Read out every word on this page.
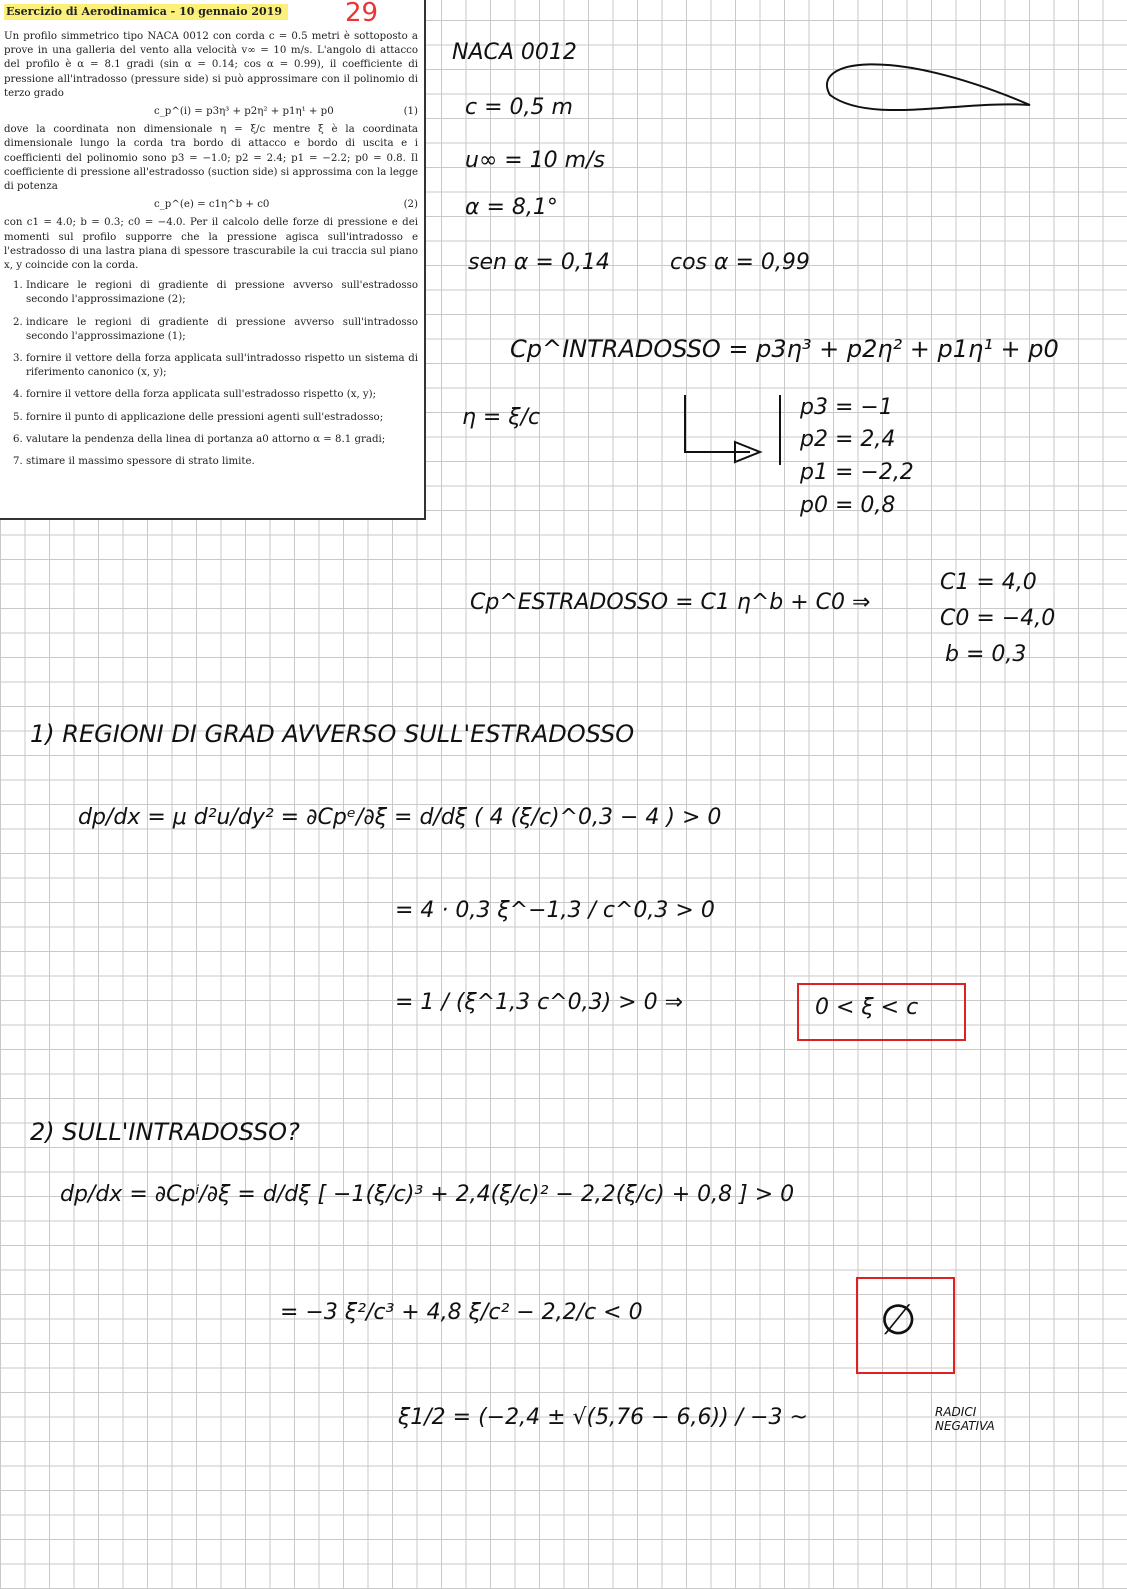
Esercizio di Aerodinamica - 10 gennaio 2019 29
Un profilo simmetrico tipo NACA 0012 con corda c = 0.5 metri è sottoposto a prove in una galleria del vento alla velocità v∞ = 10 m/s. L'angolo di attacco del profilo è α = 8.1 gradi (sin α = 0.14; cos α = 0.99), il coefficiente di pressione all'intradosso (pressure side) si può approssimare con il polinomio di terzo grado
c_p^(i) = p3η³ + p2η² + p1η¹ + p0	(1)
dove la coordinata non dimensionale η = ξ/c mentre ξ è la coordinata dimensionale lungo la corda tra bordo di attacco e bordo di uscita e i coefficienti del polinomio sono p3 = −1.0; p2 = 2.4; p1 = −2.2; p0 = 0.8. Il coefficiente di pressione all'estradosso (suction side) si approssima con la legge di potenza
c_p^(e) = c1η^b + c0	(2)
con c1 = 4.0; b = 0.3; c0 = −4.0. Per il calcolo delle forze di pressione e dei momenti sul profilo supporre che la pressione agisca sull'intradosso e l'estradosso di una lastra piana di spessore trascurabile la cui traccia sul piano x, y coincide con la corda.
1. Indicare le regioni di gradiente di pressione avverso sull'estradosso secondo l'approssimazione (2);
2. indicare le regioni di gradiente di pressione avverso sull'intradosso secondo l'approssimazione (1);
3. fornire il vettore della forza applicata sull'intradosso rispetto un sistema di riferimento canonico (x, y);
4. fornire il vettore della forza applicata sull'estradosso rispetto (x, y);
5. fornire il punto di applicazione delle pressioni agenti sull'estradosso;
6. valutare la pendenza della linea di portanza a0 attorno α = 8.1 gradi;
7. stimare il massimo spessore di strato limite.
NACA 0012
c = 0,5 m
u∞ = 10 m/s
α = 8,1°
sen α = 0,14	cos α = 0,99
Cp^INTRADOSSO = p3η³ + p2η² + p1η¹ + p0
η = ξ/c	p3 = −1
p2 = 2,4
p1 = −2,2
p0 = 0,8
Cp^ESTRADOSSO = C1 η^b + C0 ⇒
C1 = 4,0
C0 = −4,0
b = 0,3
1) REGIONI DI GRAD AVVERSO SULL'ESTRADOSSO
dp/dx = μ d²u/dy² = ∂Cpᵉ/∂ξ = d/dξ ( 4 (ξ/c)^0,3 − 4 ) > 0
= 4 · 0,3 ξ^−1,3 / c^0,3 > 0
= 1 / (ξ^1,3 c^0,3) > 0 ⇒	0 < ξ < c
2) SULL'INTRADOSSO?
dp/dx = ∂Cpⁱ/∂ξ = d/dξ [ −1(ξ/c)³ + 2,4(ξ/c)² − 2,2(ξ/c) + 0,8 ] > 0
= −3 ξ²/c³ + 4,8 ξ/c² − 2,2/c < 0	∅
ξ1/2 = (−2,4 ± √(5,76 − 6,6)) / −3 ~	RADICI NEGATIVA
